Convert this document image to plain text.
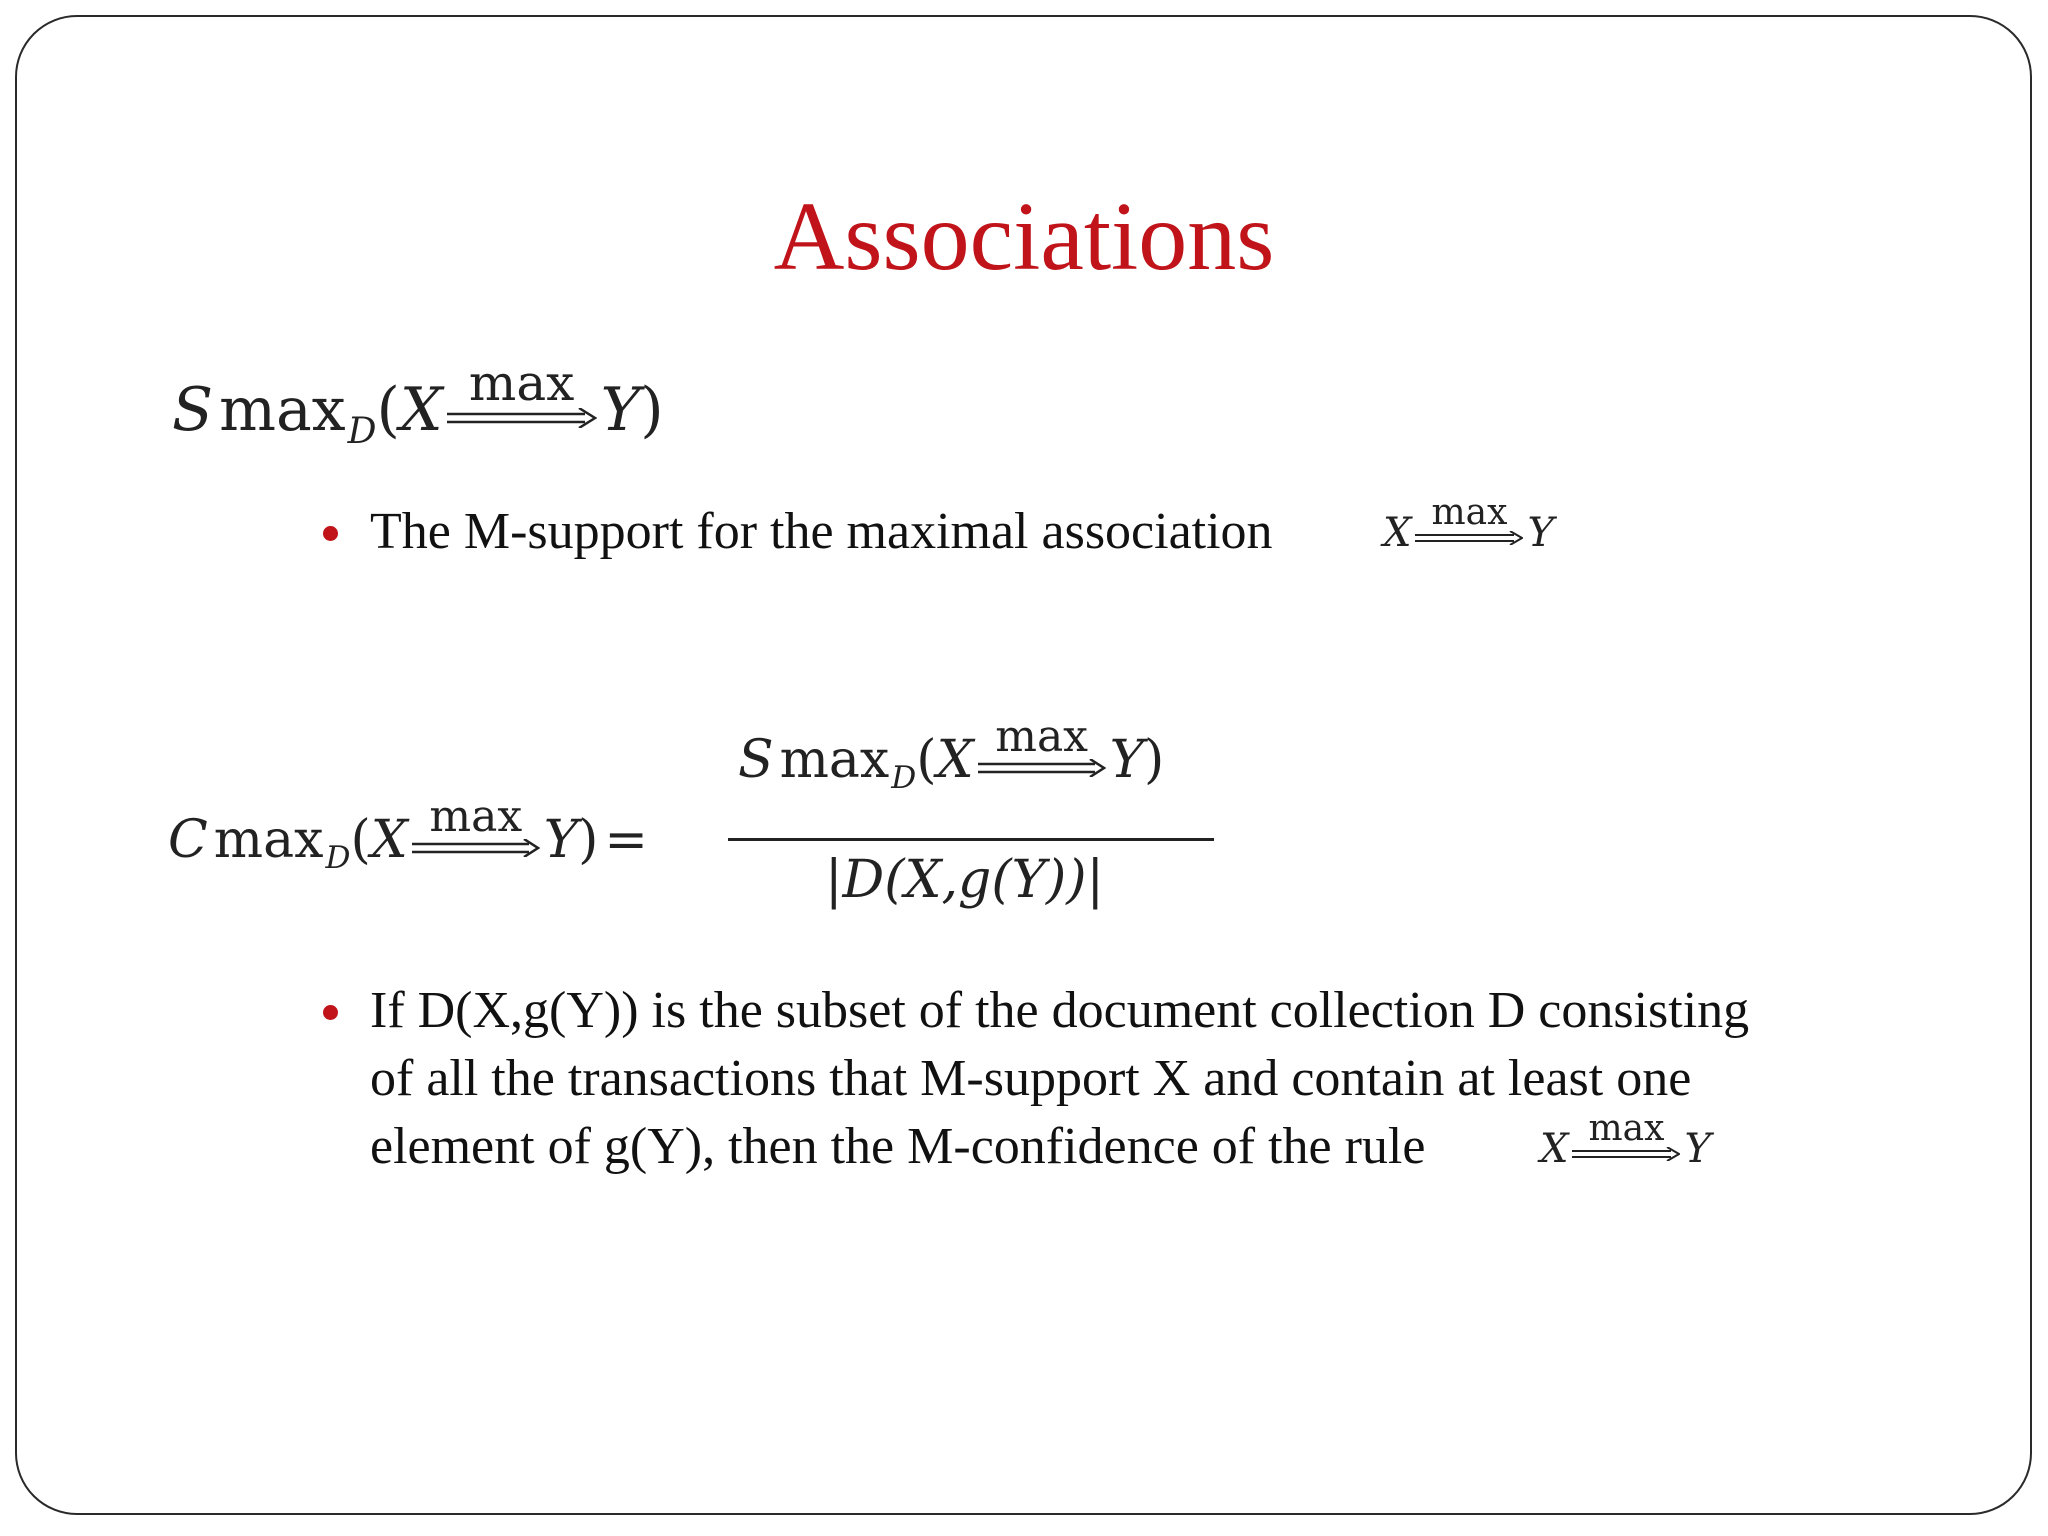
Associations
S max D ( X max Y )
The M-support for the maximal association	X max Y
C max D ( X max Y ) =
S max D ( X max Y )
|D(X,g(Y))|
If D(X,g(Y)) is the subset of the document collection D consisting
of all the transactions that M-support X and contain at least one
element of g(Y), then the M-confidence of the rule	X max Y
